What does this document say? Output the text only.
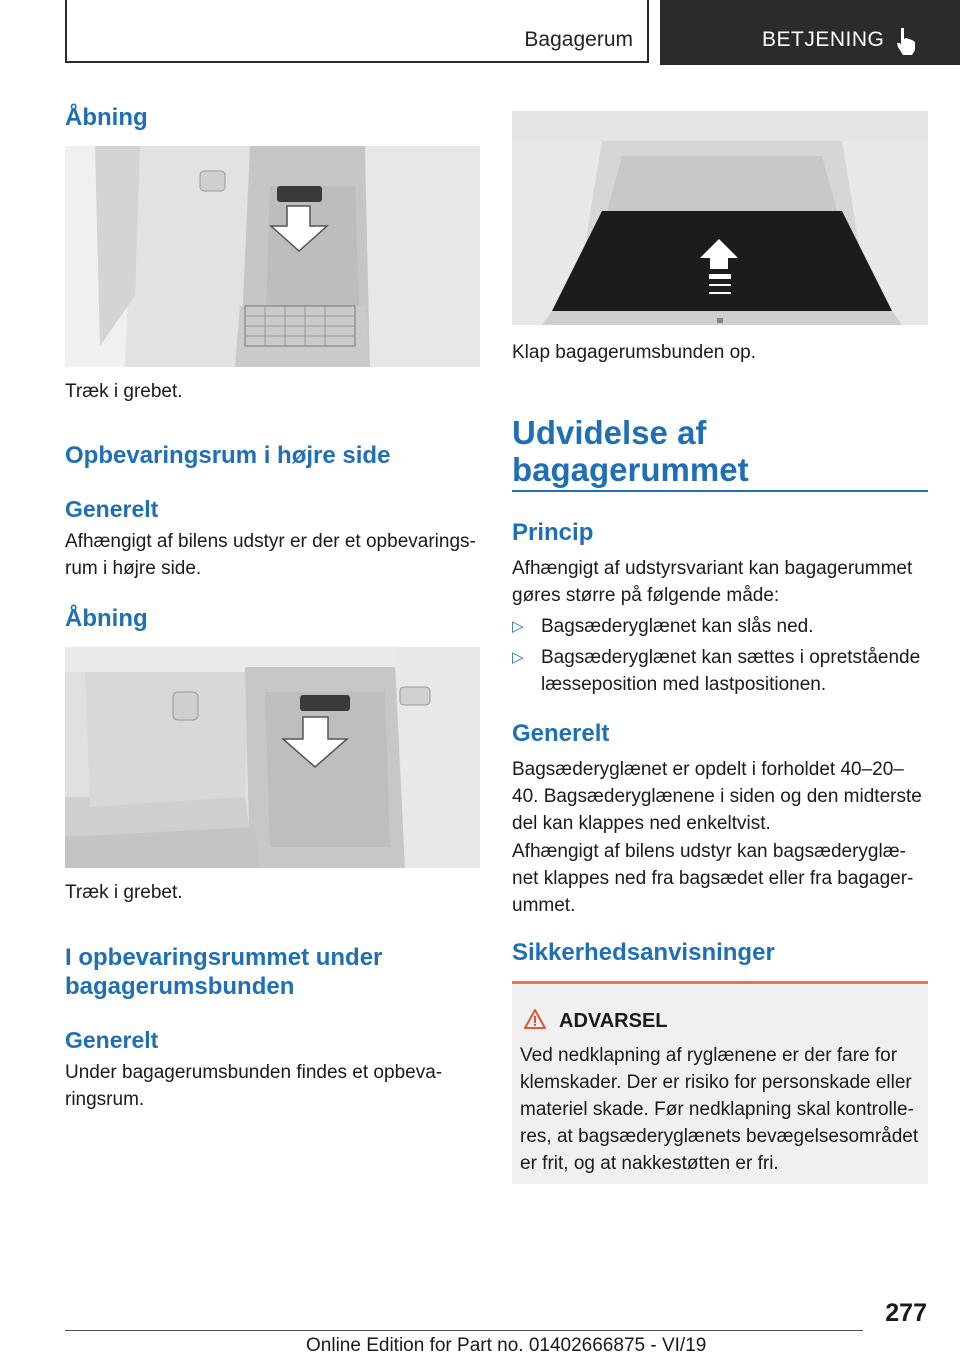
Bagagerum	BETJENING
Åbning

Træk i grebet.

Opbevaringsrum i højre side
Generelt

Afhængigt af bilens udstyr er der et opbevarings‐

rum i højre side.

Åbning

Træk i grebet.

I opbevaringsrummet under
bagagerumsbunden
Generelt

Under bagagerumsbunden findes et opbeva‐

ringsrum.

Klap bagagerumsbunden op.

Udvidelse af
bagagerummet
Princip

Afhængigt af udstyrsvariant kan bagagerummet

gøres større på følgende måde:

▷ Bagsæderyglænet kan slås ned.
▷ Bagsæderyglænet kan sættes i opretstående
læsseposition med lastpositionen.
Generelt

Bagsæderyglænet er opdelt i forholdet 40–20–

40. Bagsæderyglænene i siden og den midterste

del kan klappes ned enkeltvist.

Afhængigt af bilens udstyr kan bagsæderyglæ‐

net klappes ned fra bagsædet eller fra bagager‐

ummet.

Sikkerhedsanvisninger
ADVARSEL
Ved nedklapning af ryglænene er der fare for
klemskader. Der er risiko for personskade eller
materiel skade. Før nedklapning skal kontrolle‐
res, at bagsæderyglænets bevægelsesområdet
er frit, og at nakkestøtten er fri.
277
Online Edition for Part no. 01402666875 - VI/19
